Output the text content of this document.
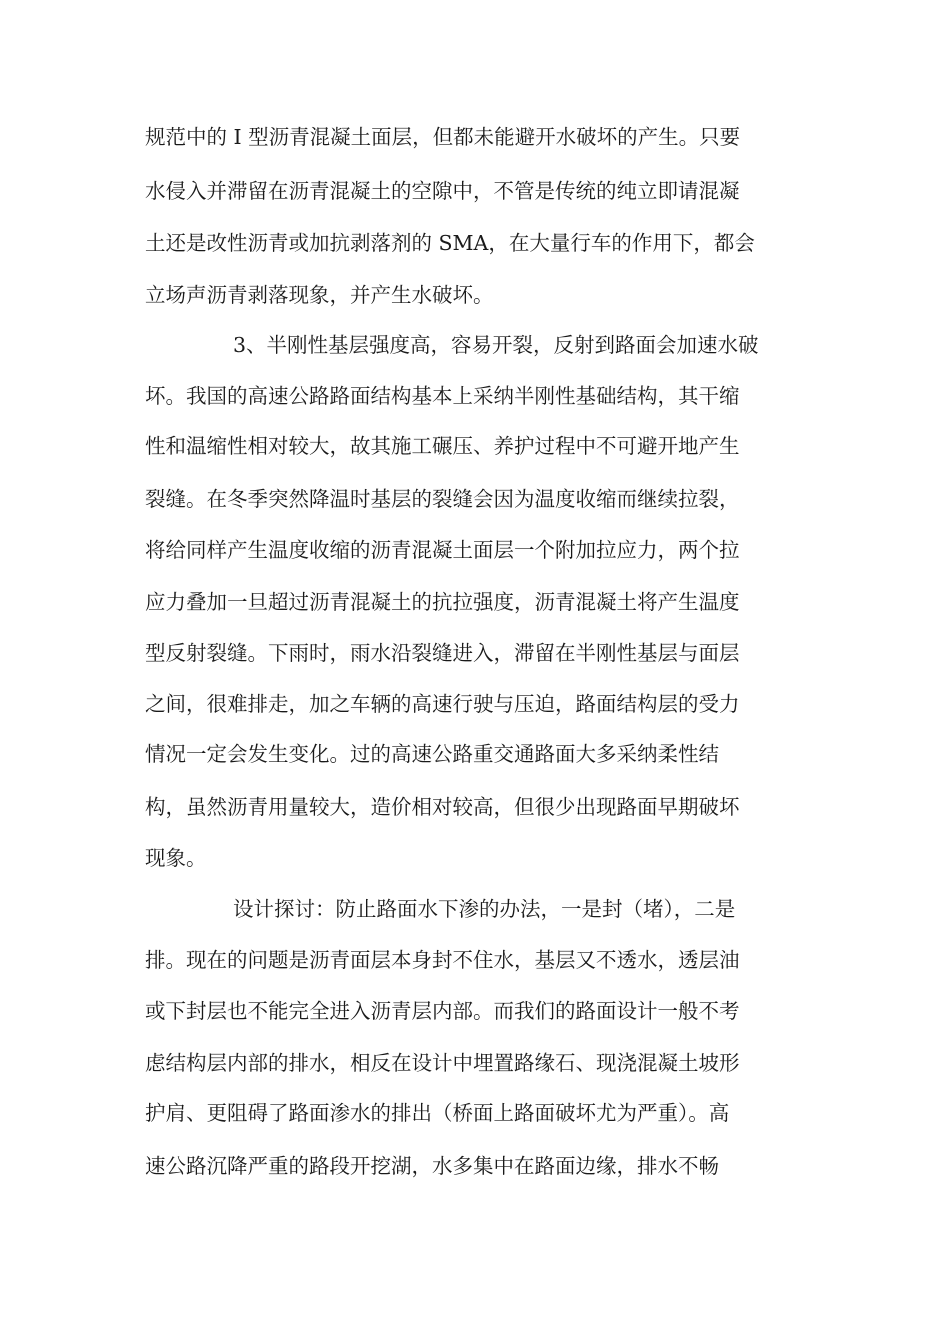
规范中的 I 型沥青混凝土面层，但都未能避开水破坏的产生。只要
水侵入并滞留在沥青混凝土的空隙中，不管是传统的纯立即请混凝
土还是改性沥青或加抗剥落剂的 SMA，在大量行车的作用下，都会
立场声沥青剥落现象，并产生水破坏。
3、半刚性基层强度高，容易开裂，反射到路面会加速水破
坏。我国的高速公路路面结构基本上采纳半刚性基础结构，其干缩
性和温缩性相对较大，故其施工碾压、养护过程中不可避开地产生
裂缝。在冬季突然降温时基层的裂缝会因为温度收缩而继续拉裂，
将给同样产生温度收缩的沥青混凝土面层一个附加拉应力，两个拉
应力叠加一旦超过沥青混凝土的抗拉强度，沥青混凝土将产生温度
型反射裂缝。下雨时，雨水沿裂缝进入，滞留在半刚性基层与面层
之间，很难排走，加之车辆的高速行驶与压迫，路面结构层的受力
情况一定会发生变化。过的高速公路重交通路面大多采纳柔性结
构，虽然沥青用量较大，造价相对较高，但很少出现路面早期破坏
现象。
设计探讨：防止路面水下渗的办法，一是封（堵），二是
排。现在的问题是沥青面层本身封不住水，基层又不透水，透层油
或下封层也不能完全进入沥青层内部。而我们的路面设计一般不考
虑结构层内部的排水，相反在设计中埋置路缘石、现浇混凝土坡形
护肩、更阻碍了路面渗水的排出（桥面上路面破坏尤为严重）。高
速公路沉降严重的路段开挖湖，水多集中在路面边缘，排水不畅
